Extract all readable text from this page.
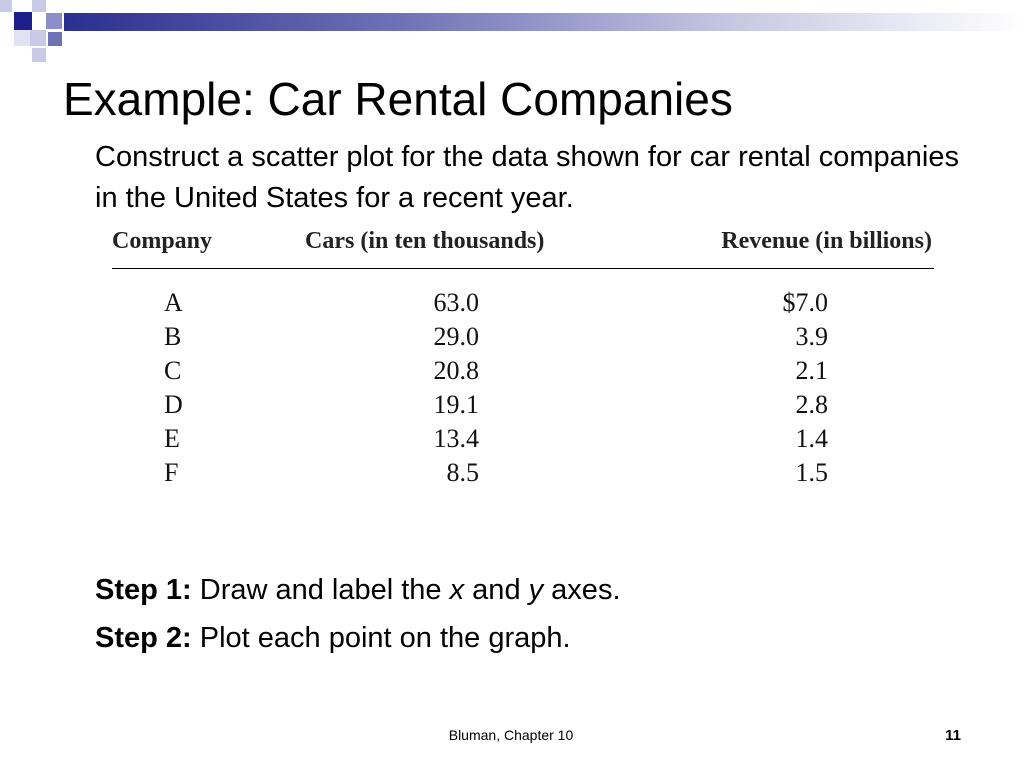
Example: Car Rental Companies
Construct a scatter plot for the data shown for car rental companies in the United States for a recent year.
Company	Cars (in ten thousands)	Revenue (in billions)
A	63.0	$7.0
B	29.0	3.9
C	20.8	2.1
D	19.1	2.8
E	13.4	1.4
F	8.5	1.5
Step 1: Draw and label the x and y axes.
Step 2: Plot each point on the graph.
Bluman, Chapter 10	11
